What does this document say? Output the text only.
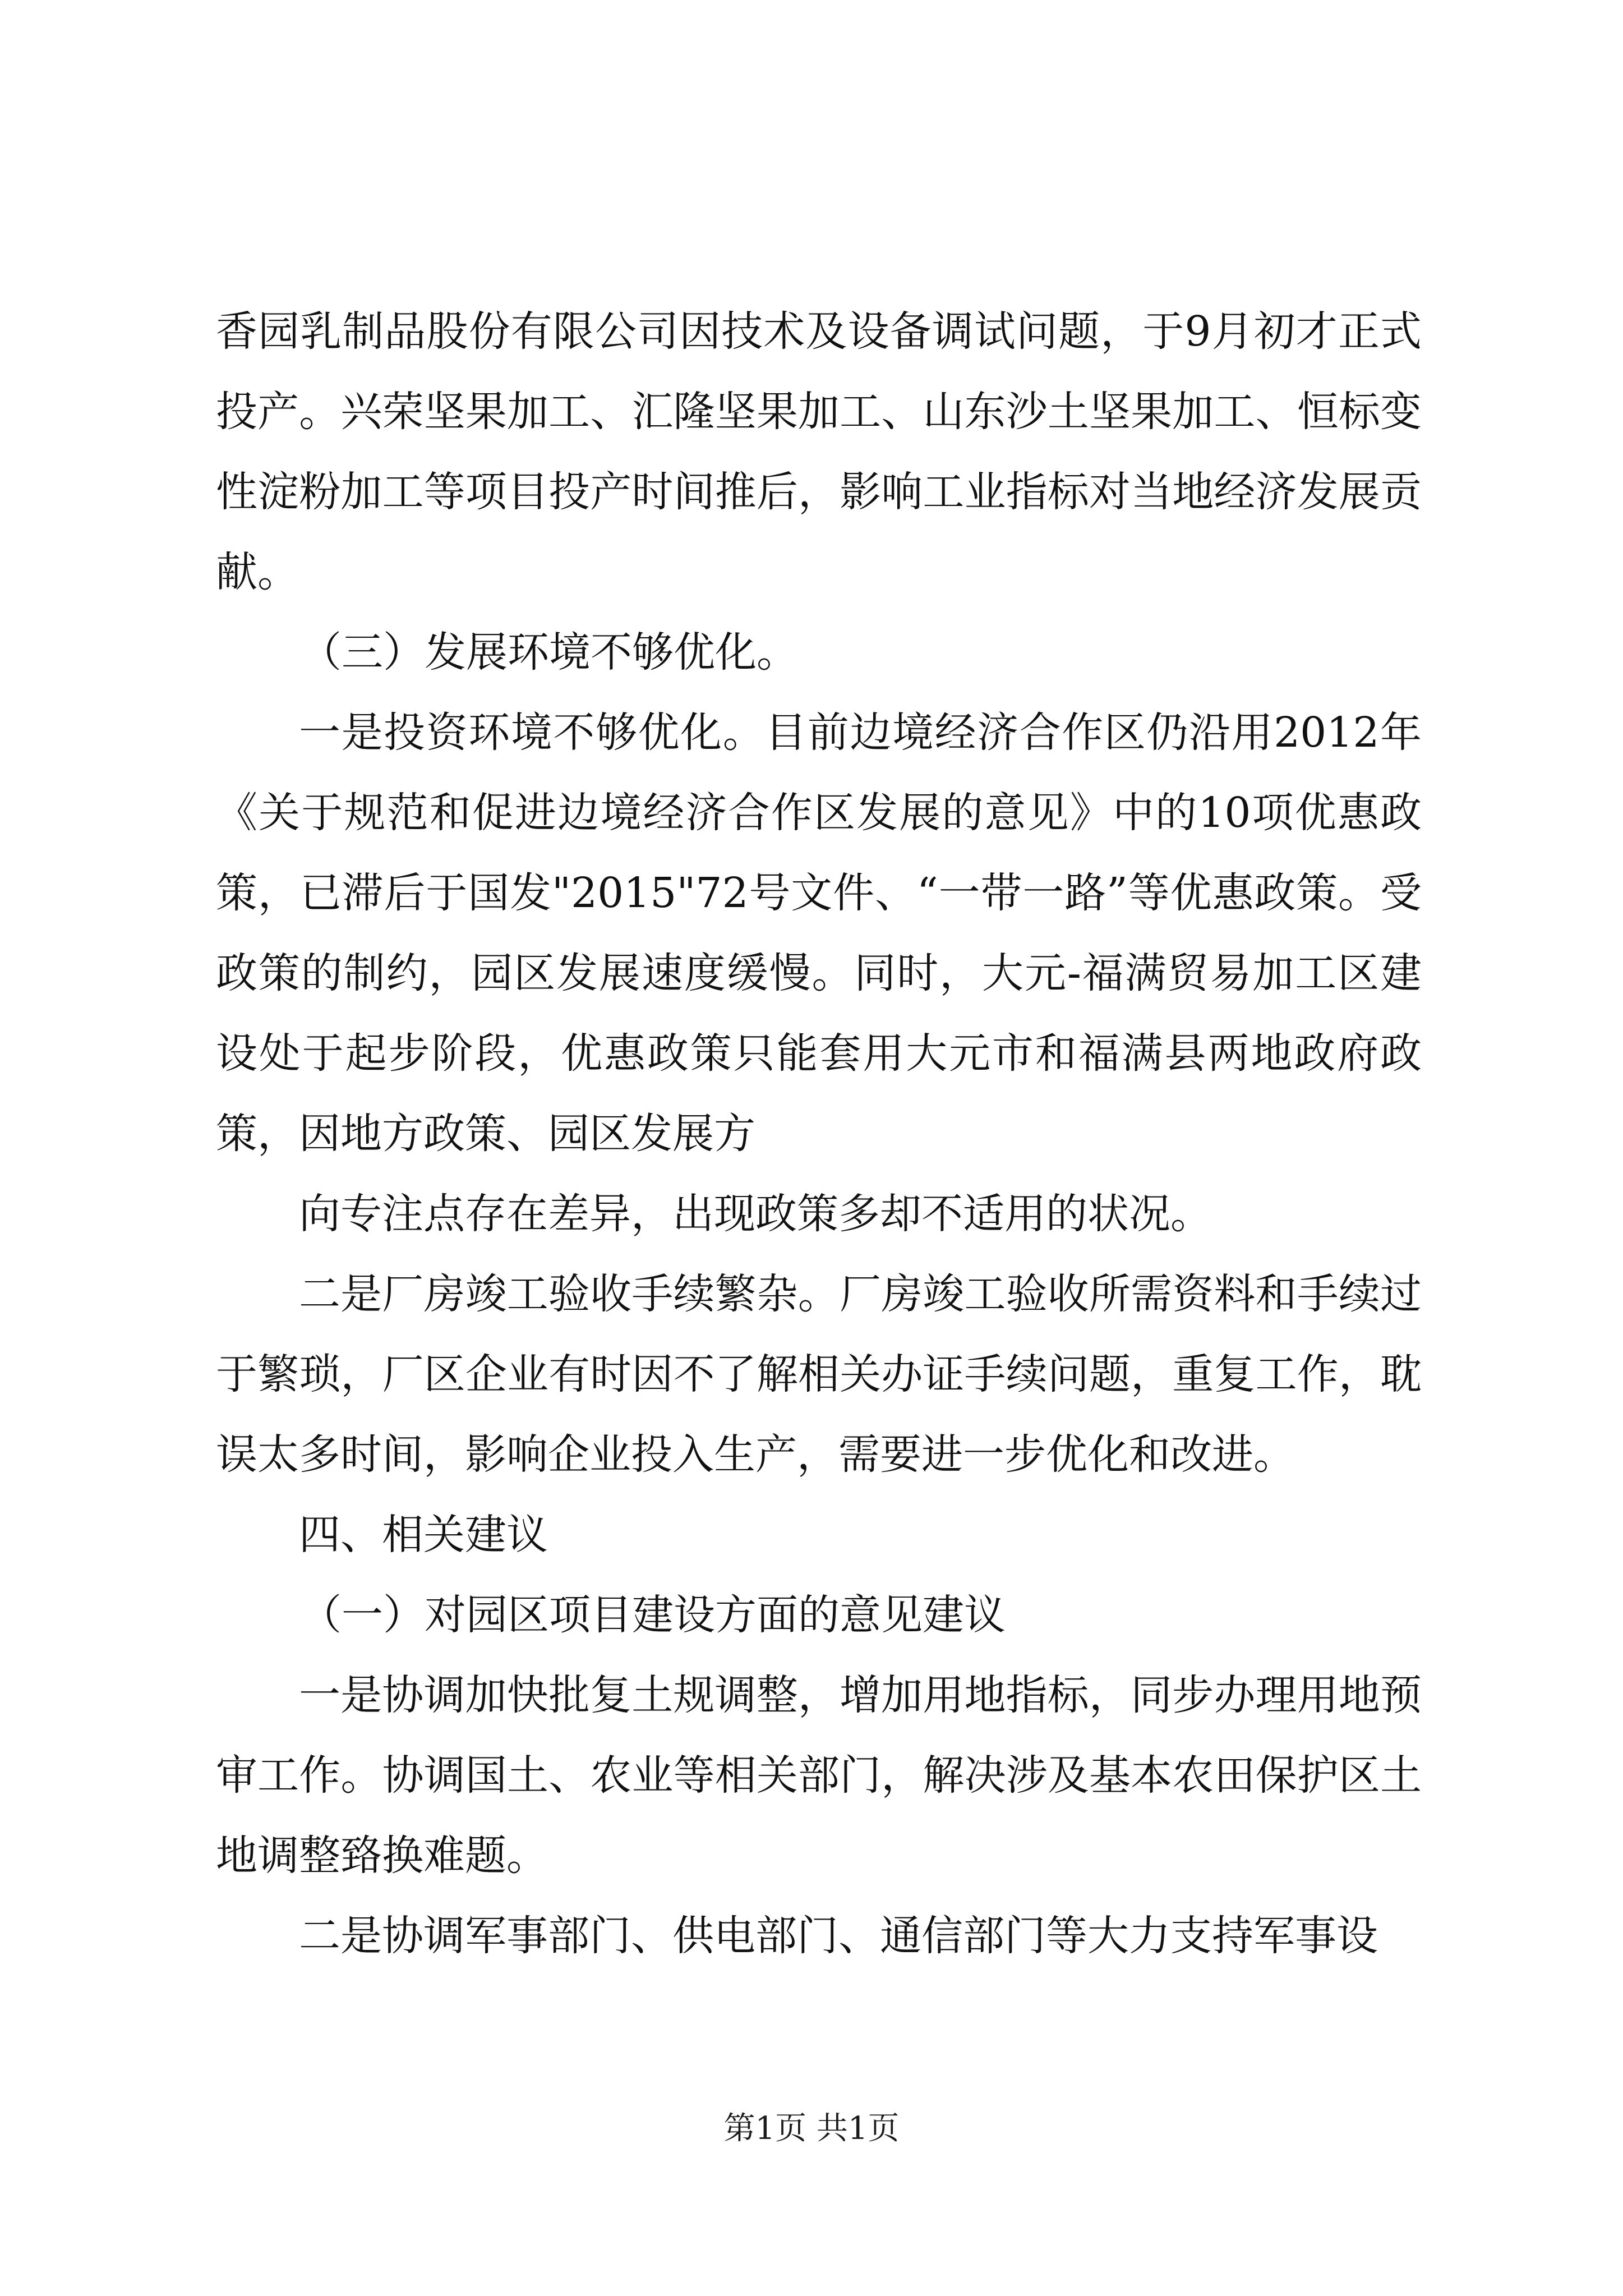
香园乳制品股份有限公司因技术及设备调试问题，于9月初才正式投产。兴荣坚果加工、汇隆坚果加工、山东沙土坚果加工、恒标变性淀粉加工等项目投产时间推后，影响工业指标对当地经济发展贡献。

（三）发展环境不够优化。

一是投资环境不够优化。目前边境经济合作区仍沿用2012年《关于规范和促进边境经济合作区发展的意见》中的10项优惠政策，已滞后于国发"2015"72号文件、“一带一路”等优惠政策。受政策的制约，园区发展速度缓慢。同时，大元-福满贸易加工区建设处于起步阶段，优惠政策只能套用大元市和福满县两地政府政策，因地方政策、园区发展方

向专注点存在差异，出现政策多却不适用的状况。

二是厂房竣工验收手续繁杂。厂房竣工验收所需资料和手续过于繁琐，厂区企业有时因不了解相关办证手续问题，重复工作，耽误太多时间，影响企业投入生产，需要进一步优化和改进。

四、相关建议

（一）对园区项目建设方面的意见建议

一是协调加快批复土规调整，增加用地指标，同步办理用地预审工作。协调国土、农业等相关部门，解决涉及基本农田保护区土地调整臵换难题。

二是协调军事部门、供电部门、通信部门等大力支持军事设

第1页 共1页
